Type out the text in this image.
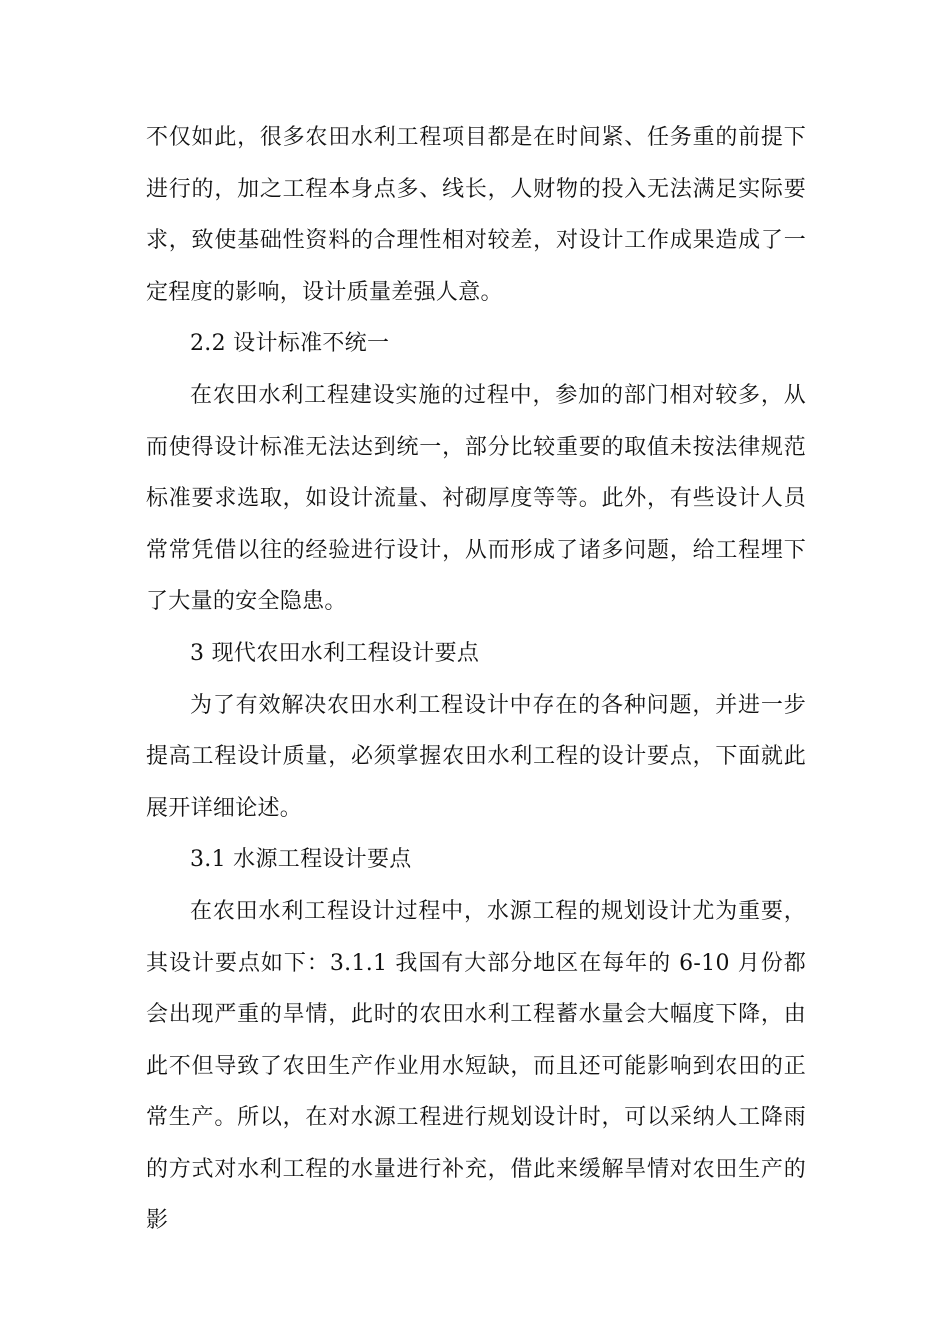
不仅如此，很多农田水利工程项目都是在时间紧、任务重的前提下进行的，加之工程本身点多、线长，人财物的投入无法满足实际要求，致使基础性资料的合理性相对较差，对设计工作成果造成了一定程度的影响，设计质量差强人意。

2.2 设计标准不统一

在农田水利工程建设实施的过程中，参加的部门相对较多，从而使得设计标准无法达到统一，部分比较重要的取值未按法律规范标准要求选取，如设计流量、衬砌厚度等等。此外，有些设计人员常常凭借以往的经验进行设计，从而形成了诸多问题，给工程埋下了大量的安全隐患。

3 现代农田水利工程设计要点

为了有效解决农田水利工程设计中存在的各种问题，并进一步提高工程设计质量，必须掌握农田水利工程的设计要点，下面就此展开详细论述。

3.1 水源工程设计要点

在农田水利工程设计过程中，水源工程的规划设计尤为重要，其设计要点如下：3.1.1 我国有大部分地区在每年的 6-10 月份都会出现严重的旱情，此时的农田水利工程蓄水量会大幅度下降，由此不但导致了农田生产作业用水短缺，而且还可能影响到农田的正常生产。所以，在对水源工程进行规划设计时，可以采纳人工降雨的方式对水利工程的水量进行补充，借此来缓解旱情对农田生产的影
